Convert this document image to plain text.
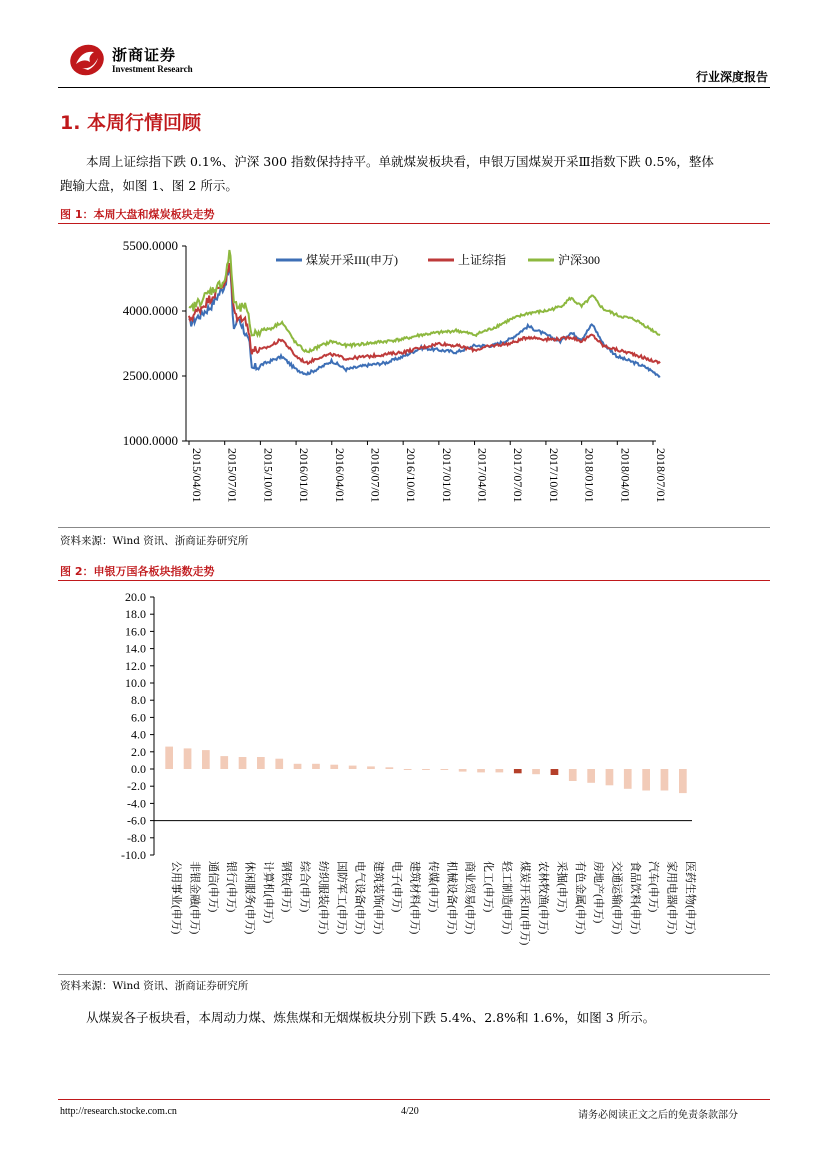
浙商证券
Investment Research
行业深度报告
1. 本周行情回顾
本周上证综指下跌 0.1%、沪深 300 指数保持持平。单就煤炭板块看，申银万国煤炭开采Ⅲ指数下跌 0.5%，整体
跑输大盘，如图 1、图 2 所示。
图 1：本周大盘和煤炭板块走势
5500.0000
4000.0000
2500.0000
1000.0000
2015/04/01 2015/07/01 2015/10/01 2016/01/01 2016/04/01 2016/07/01 2016/10/01 2017/01/01 2017/04/01 2017/07/01 2017/10/01 2018/01/01 2018/04/01 2018/07/01
煤炭开采III(申万)	上证综指	沪深300
资料来源：Wind 资讯、浙商证券研究所
图 2：申银万国各板块指数走势
20.0
18.0
16.0
14.0
12.0
10.0
8.0
6.0
4.0
2.0
0.0
-2.0
-4.0
-6.0
-8.0
-10.0
公用事业(申万) 非银金融(申万) 通信(申万) 银行(申万) 休闲服务(申万) 计算机(申万) 钢铁(申万) 综合(申万) 纺织服装(申万) 国防军工(申万) 电气设备(申万) 建筑装饰(申万) 电子(申万) 建筑材料(申万) 传媒(申万) 机械设备(申万) 商业贸易(申万) 化工(申万) 轻工制造(申万) 煤炭开采III(申万) 农林牧渔(申万) 采掘(申万) 有色金属(申万) 房地产(申万) 交通运输(申万) 食品饮料(申万) 汽车(申万) 家用电器(申万) 医药生物(申万)
资料来源：Wind 资讯、浙商证券研究所
从煤炭各子板块看，本周动力煤、炼焦煤和无烟煤板块分别下跌 5.4%、2.8%和 1.6%，如图 3 所示。
http://research.stocke.com.cn	4/20	请务必阅读正文之后的免责条款部分
